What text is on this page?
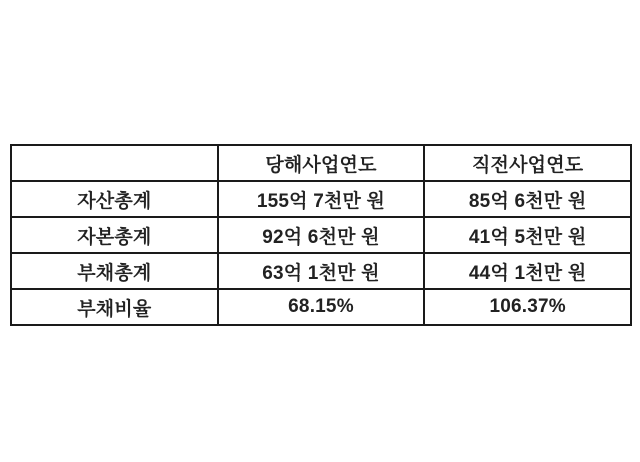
	당해사업연도	직전사업연도
자산총계	155억 7천만 원	85억 6천만 원
자본총계	92억 6천만 원	41억 5천만 원
부채총계	63억 1천만 원	44억 1천만 원
부채비율	68.15%	106.37%
